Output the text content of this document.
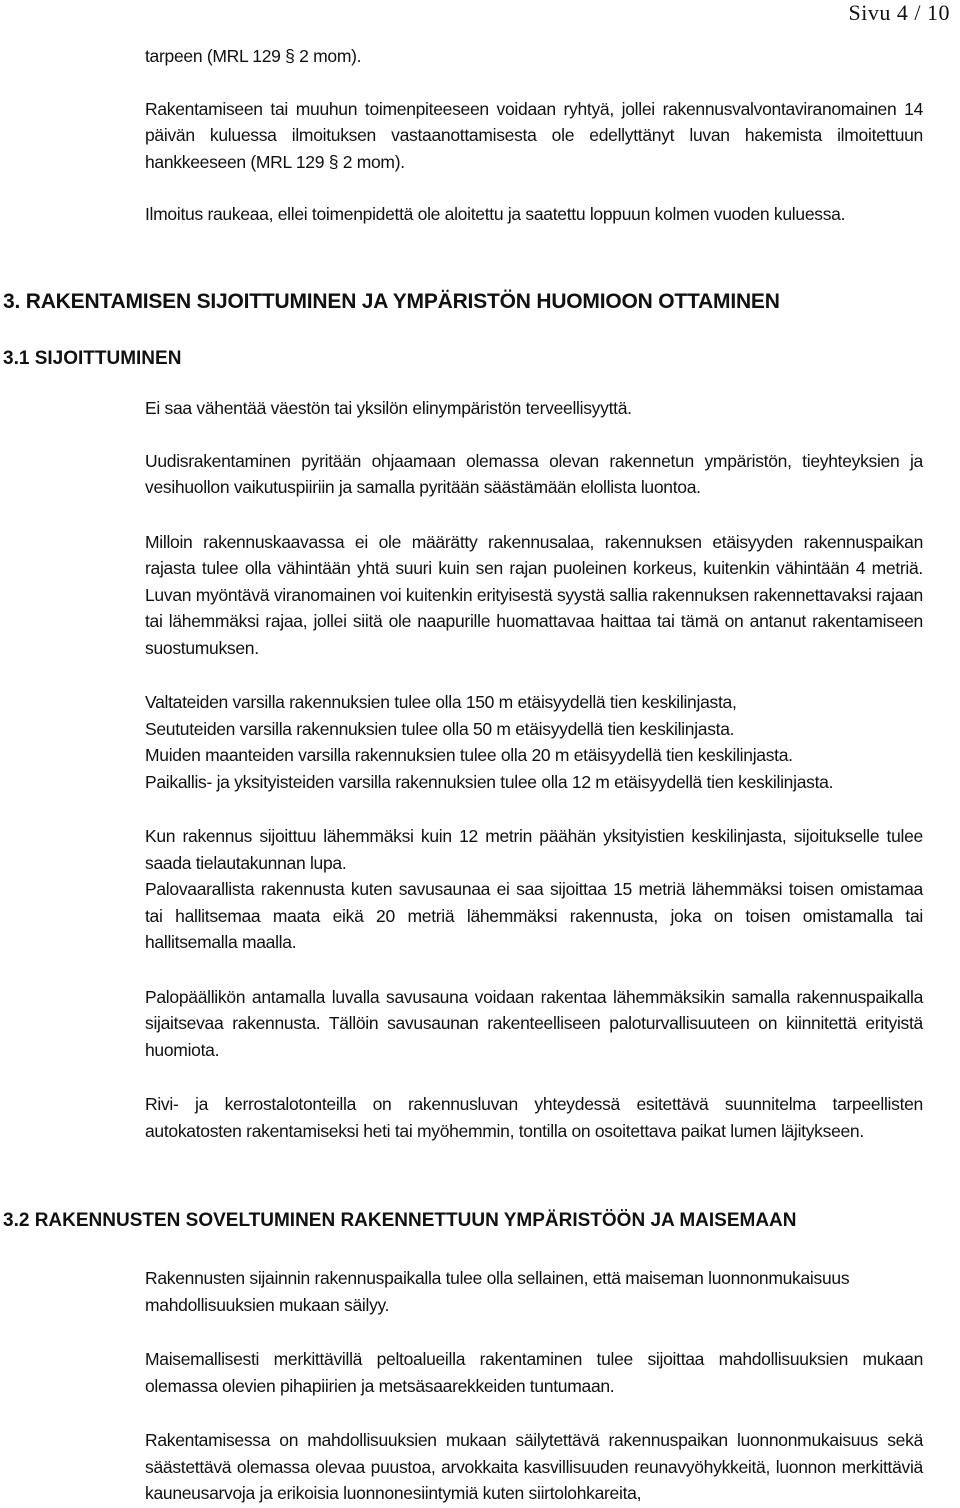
Sivu 4 / 10

tarpeen (MRL 129 § 2 mom).

Rakentamiseen tai muuhun toimenpiteeseen voidaan ryhtyä, jollei rakennusvalvontaviranomainen 14 päivän kuluessa ilmoituksen vastaanottamisesta ole edellyttänyt luvan hakemista ilmoitettuun hankkeeseen (MRL 129 § 2 mom).

Ilmoitus raukeaa, ellei toimenpidettä ole aloitettu ja saatettu loppuun kolmen vuoden kuluessa.

3. RAKENTAMISEN SIJOITTUMINEN JA YMPÄRISTÖN HUOMIOON OTTAMINEN
3.1 SIJOITTUMINEN

Ei saa vähentää väestön tai yksilön elinympäristön terveellisyyttä.

Uudisrakentaminen pyritään ohjaamaan olemassa olevan rakennetun ympäristön, tieyhteyksien ja vesihuollon vaikutuspiiriin ja samalla pyritään säästämään elollista luontoa.

Milloin rakennuskaavassa ei ole määrätty rakennusalaa, rakennuksen etäisyyden rakennuspaikan rajasta tulee olla vähintään yhtä suuri kuin sen rajan puoleinen korkeus, kuitenkin vähintään 4 metriä. Luvan myöntävä viranomainen voi kuitenkin erityisestä syystä sallia rakennuksen rakennettavaksi rajaan tai lähemmäksi rajaa, jollei siitä ole naapurille huomattavaa haittaa tai tämä on antanut rakentamiseen suostumuksen.

Valtateiden varsilla rakennuksien tulee olla 150 m etäisyydellä tien keskilinjasta,

Seututeiden varsilla rakennuksien tulee olla 50 m etäisyydellä tien keskilinjasta.

Muiden maanteiden varsilla rakennuksien tulee olla 20 m etäisyydellä tien keskilinjasta.

Paikallis- ja yksityisteiden varsilla rakennuksien tulee olla 12 m etäisyydellä tien keskilinjasta.

Kun rakennus sijoittuu lähemmäksi kuin 12 metrin päähän yksityistien keskilinjasta, sijoitukselle tulee saada tielautakunnan lupa.

Palovaarallista rakennusta kuten savusaunaa ei saa sijoittaa 15 metriä lähemmäksi toisen omistamaa tai hallitsemaa maata eikä 20 metriä lähemmäksi rakennusta, joka on toisen omistamalla tai hallitsemalla maalla.

Palopäällikön antamalla luvalla savusauna voidaan rakentaa lähemmäksikin samalla rakennuspaikalla sijaitsevaa rakennusta. Tällöin savusaunan rakenteelliseen paloturvallisuuteen on kiinnitettä erityistä huomiota.

Rivi- ja kerrostalotonteilla on rakennusluvan yhteydessä esitettävä suunnitelma tarpeellisten autokatosten rakentamiseksi heti tai myöhemmin, tontilla on osoitettava paikat lumen läjitykseen.

3.2 RAKENNUSTEN SOVELTUMINEN RAKENNETTUUN YMPÄRISTÖÖN JA MAISEMAAN

Rakennusten sijainnin rakennuspaikalla tulee olla sellainen, että maiseman luonnonmukaisuus mahdollisuuksien mukaan säilyy.

Maisemallisesti merkittävillä peltoalueilla rakentaminen tulee sijoittaa mahdollisuuksien mukaan olemassa olevien pihapiirien ja metsäsaarekkeiden tuntumaan.

Rakentamisessa on mahdollisuuksien mukaan säilytettävä rakennuspaikan luonnonmukaisuus sekä säästettävä olemassa olevaa puustoa, arvokkaita kasvillisuuden reunavyöhykkeitä, luonnon merkittäviä kauneusarvoja ja erikoisia luonnonesiintymiä kuten siirtolohkareita,
